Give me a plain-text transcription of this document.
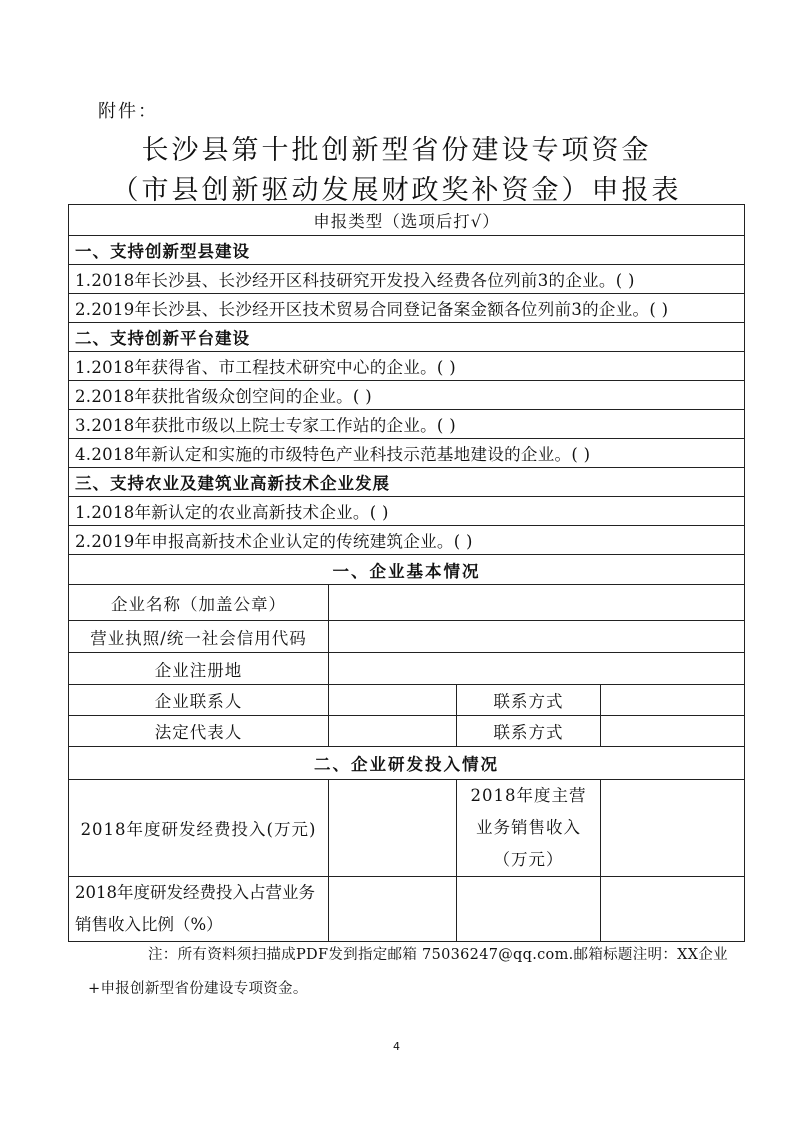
附件：
长沙县第十批创新型省份建设专项资金
（市县创新驱动发展财政奖补资金）申报表
申报类型（选项后打√）			
一、支持创新型县建设			
1.2018年长沙县、长沙经开区科技研究开发投入经费各位列前3的企业。( )			
2.2019年长沙县、长沙经开区技术贸易合同登记备案金额各位列前3的企业。( )			
二、支持创新平台建设			
1.2018年获得省、市工程技术研究中心的企业。( )			
2.2018年获批省级众创空间的企业。( )			
3.2018年获批市级以上院士专家工作站的企业。( )			
4.2018年新认定和实施的市级特色产业科技示范基地建设的企业。( )			
三、支持农业及建筑业高新技术企业发展			
1.2018年新认定的农业高新技术企业。( )			
2.2019年申报高新技术企业认定的传统建筑企业。( )			
一、企业基本情况			
企业名称（加盖公章）			
营业执照/统一社会信用代码			
企业注册地			
企业联系人		联系方式	
法定代表人		联系方式	
二、企业研发投入情况			
2018年度研发经费投入(万元)		2018年度主营业务销售收入（万元）	
2018年度研发经费投入占营业务销售收入比例（%）			
注：所有资料须扫描成PDF发到指定邮箱 75036247@qq.com.邮箱标题注明：XX企业+申报创新型省份建设专项资金。
4
